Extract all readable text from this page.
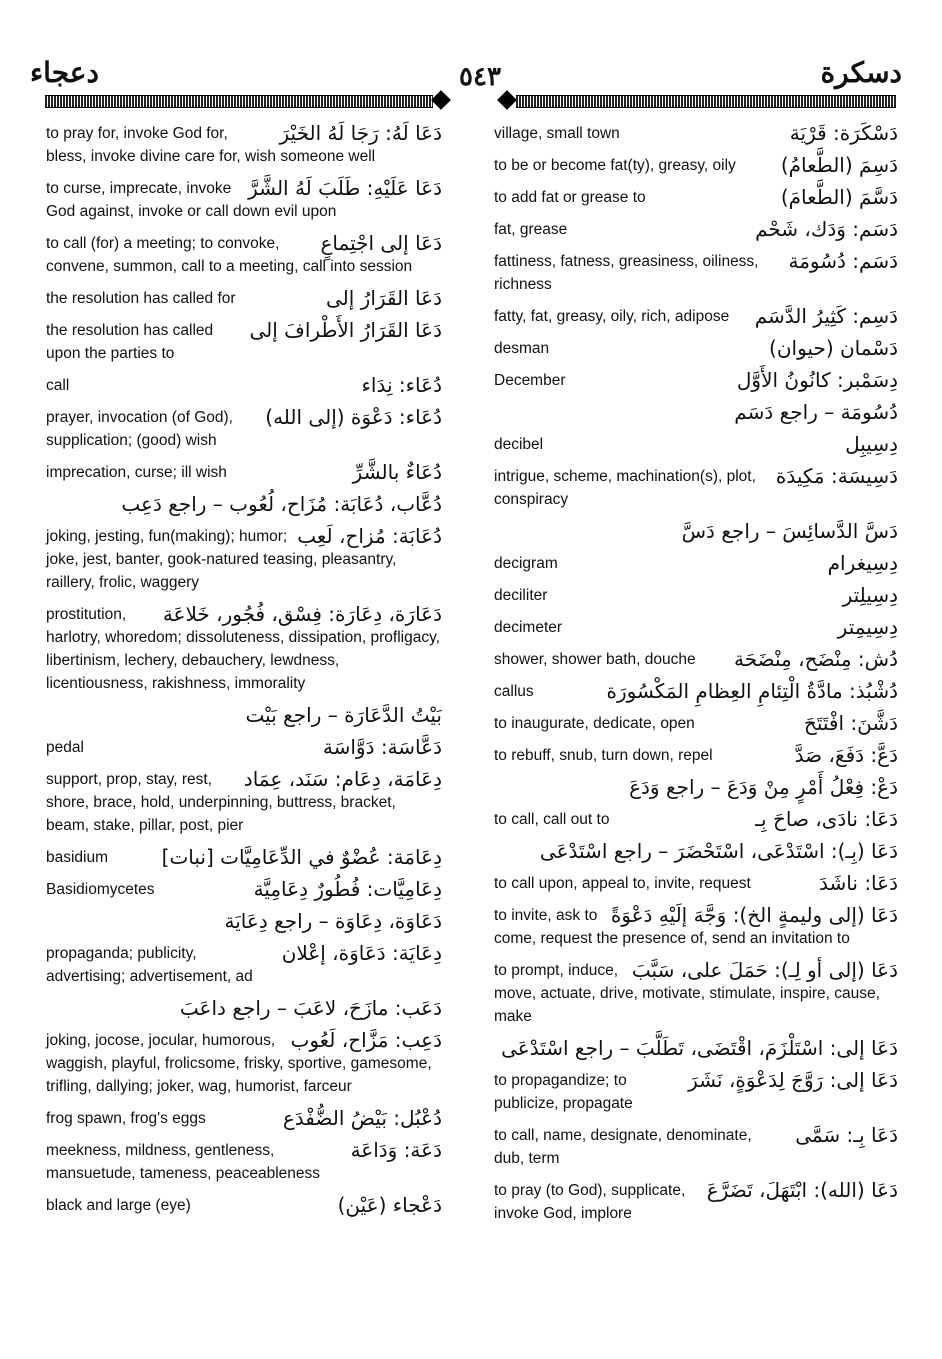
دعجاء	٥٤٣	دسكرة
دَعَا لَهُ: رَجَا لَهُ الخَيْرَ
to pray for, invoke God for, bless, invoke divine care for, wish someone well
دَعَا عَلَيْهِ: طَلَبَ لَهُ الشَّرَّ
to curse, imprecate, invoke God against, invoke or call down evil upon
دَعَا إلى اجْتِماعٍ
to call (for) a meeting; to convoke, convene, summon, call to a meeting, call into session
دَعَا القَرَارُ إلى
the resolution has called for
دَعَا القَرَارُ الأَطْرافَ إلى
the resolution has called upon the parties to
دُعَاء: نِدَاء
call
دُعَاء: دَعْوَة (إلى الله)
prayer, invocation (of God), supplication; (good) wish
دُعَاءٌ بالشَّرِّ
imprecation, curse; ill wish
دُعَّاب، دُعَابَة: مُزَاح، لُعُوب – راجع دَعِب
دُعَابَة: مُزاح، لَعِب
joking, jesting, fun(making); humor; joke, jest, banter, gook-natured teasing, pleasantry, raillery, frolic, waggery
دَعَارَة، دِعَارَة: فِسْق، فُجُور، خَلاعَة
prostitution, harlotry, whoredom; dissoluteness, dissipation, profligacy, libertinism, lechery, debauchery, lewdness, licentiousness, rakishness, immorality
بَيْتُ الدَّعَارَة – راجع بَيْت
دَعَّاسَة: دَوَّاسَة
pedal
دِعَامَة، دِعَام: سَنَد، عِمَاد
support, prop, stay, rest, shore, brace, hold, underpinning, buttress, bracket, beam, stake, pillar, post, pier
دِعَامَة: عُضْوٌ في الدِّعَامِيَّات [نبات]
basidium
دِعَامِيَّات: فُطُورٌ دِعَامِيَّة
Basidiomycetes
دَعَاوَة، دِعَاوَة – راجع دِعَايَة
دِعَايَة: دَعَاوَة، إعْلان
propaganda; publicity, advertising; advertisement, ad
دَعَب: مازَحَ، لاعَبَ – راجع داعَبَ
دَعِب: مَزَّاح، لَعُوب
joking, jocose, jocular, humorous, waggish, playful, frolicsome, frisky, sportive, gamesome, trifling, dallying; joker, wag, humorist, farceur
دُعْبُل: بَيْضُ الضُّفْدَع
frog spawn, frog's eggs
دَعَة: وَدَاعَة
meekness, mildness, gentleness, mansuetude, tameness, peaceableness
دَعْجاء (عَيْن)
black and large (eye)
دَسْكَرَة: قَرْيَة
village, small town
دَسِمَ (الطَّعامُ)
to be or become fat(ty), greasy, oily
دَسَّمَ (الطَّعامَ)
to add fat or grease to
دَسَم: وَدَك، شَحْم
fat, grease
دَسَم: دُسُومَة
fattiness, fatness, greasiness, oiliness, richness
دَسِم: كَثِيرُ الدَّسَم
fatty, fat, greasy, oily, rich, adipose
دَسْمان (حيوان)
desman
دِسَمْبر: كانُونُ الأَوَّل
December
دُسُومَة – راجع دَسَم
دِسِيبِل
decibel
دَسِيسَة: مَكِيدَة
intrigue, scheme, machination(s), plot, conspiracy
دَسَّ الدَّسائِسَ – راجع دَسَّ
دِسِيغرام
decigram
دِسِيلِتر
deciliter
دِسِيمِتر
decimeter
دُش: مِنْضَح، مِنْضَحَة
shower, shower bath, douche
دُشْبُذ: مادَّةُ الْتِئامِ العِظامِ المَكْسُورَة
callus
دَشَّنَ: افْتَتَحَ
to inaugurate, dedicate, open
دَعَّ: دَفَعَ، صَدَّ
to rebuff, snub, turn down, repel
دَعْ: فِعْلُ أَمْرٍ مِنْ وَدَعَ – راجع وَدَعَ
دَعَا: نادَى، صاحَ بِـ
to call, call out to
دَعَا (بِـ): اسْتَدْعَى، اسْتَحْضَرَ – راجع اسْتَدْعَى
دَعَا: ناشَدَ
to call upon, appeal to, invite, request
دَعَا (إلى وليمةٍ الخ): وَجَّهَ إلَيْهِ دَعْوَةً
to invite, ask to come, request the presence of, send an invitation to
دَعَا (إلى أو لِـ): حَمَلَ على، سَبَّبَ
to prompt, induce, move, actuate, drive, motivate, stimulate, inspire, cause, make
دَعَا إلى: اسْتَلْزَمَ، اقْتَضَى، تَطَلَّبَ – راجع اسْتَدْعَى
دَعَا إلى: رَوَّجَ لِدَعْوَةٍ، نَشَرَ
to propagandize; to publicize, propagate
دَعَا بِـ: سَمَّى
to call, name, designate, denominate, dub, term
دَعَا (الله): ابْتَهَلَ، تَضَرَّعَ
to pray (to God), supplicate, invoke God, implore
